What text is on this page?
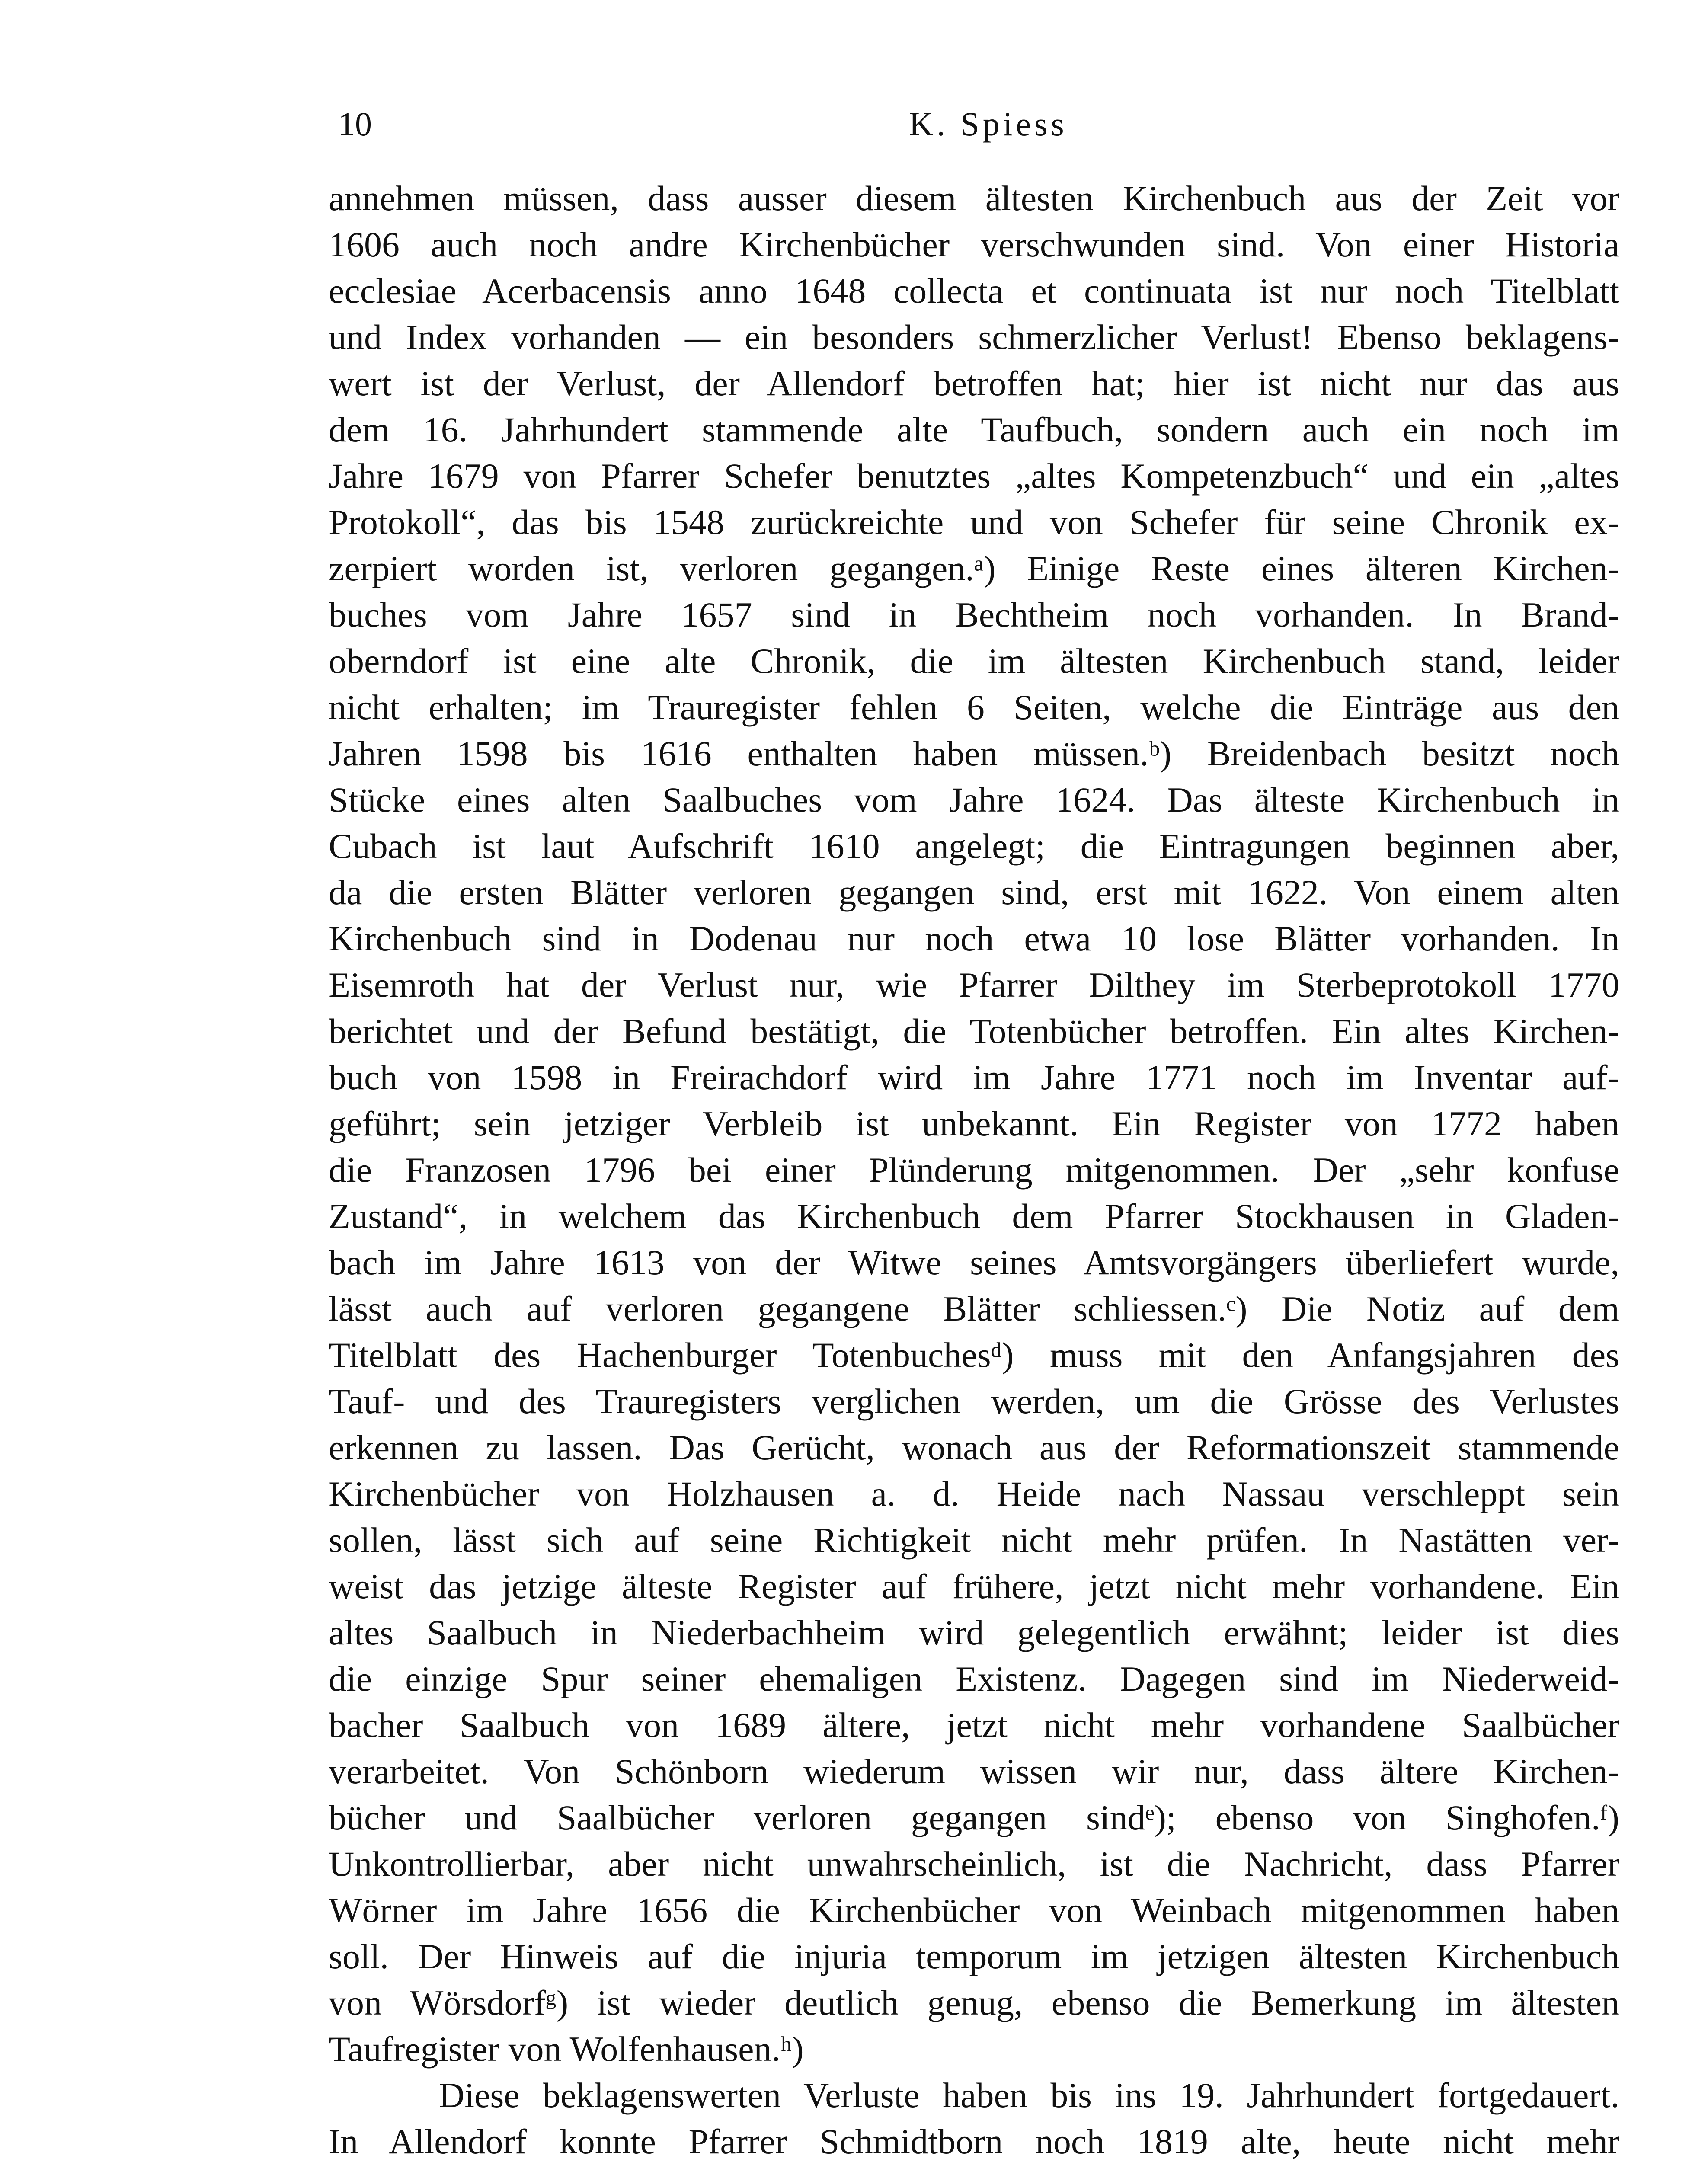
10	K. Spiess
annehmen müssen, dass ausser diesem ältesten Kirchenbuch aus der Zeit vor
1606 auch noch andre Kirchenbücher verschwunden sind. Von einer Historia
ecclesiae Acerbacensis anno 1648 collecta et continuata ist nur noch Titelblatt
und Index vorhanden — ein besonders schmerzlicher Verlust! Ebenso beklagens-
wert ist der Verlust, der Allendorf betroffen hat; hier ist nicht nur das aus
dem 16. Jahrhundert stammende alte Taufbuch, sondern auch ein noch im
Jahre 1679 von Pfarrer Schefer benutztes „altes Kompetenzbuch“ und ein „altes
Protokoll“, das bis 1548 zurückreichte und von Schefer für seine Chronik ex-
zerpiert worden ist, verloren gegangen.ᵃ) Einige Reste eines älteren Kirchen-
buches vom Jahre 1657 sind in Bechtheim noch vorhanden. In Brand-
oberndorf ist eine alte Chronik, die im ältesten Kirchenbuch stand, leider
nicht erhalten; im Trauregister fehlen 6 Seiten, welche die Einträge aus den
Jahren 1598 bis 1616 enthalten haben müssen.ᵇ) Breidenbach besitzt noch
Stücke eines alten Saalbuches vom Jahre 1624. Das älteste Kirchenbuch in
Cubach ist laut Aufschrift 1610 angelegt; die Eintragungen beginnen aber,
da die ersten Blätter verloren gegangen sind, erst mit 1622. Von einem alten
Kirchenbuch sind in Dodenau nur noch etwa 10 lose Blätter vorhanden. In
Eisemroth hat der Verlust nur, wie Pfarrer Dilthey im Sterbeprotokoll 1770
berichtet und der Befund bestätigt, die Totenbücher betroffen. Ein altes Kirchen-
buch von 1598 in Freirachdorf wird im Jahre 1771 noch im Inventar auf-
geführt; sein jetziger Verbleib ist unbekannt. Ein Register von 1772 haben
die Franzosen 1796 bei einer Plünderung mitgenommen. Der „sehr konfuse
Zustand“, in welchem das Kirchenbuch dem Pfarrer Stockhausen in Gladen-
bach im Jahre 1613 von der Witwe seines Amtsvorgängers überliefert wurde,
lässt auch auf verloren gegangene Blätter schliessen.ᶜ) Die Notiz auf dem
Titelblatt des Hachenburger Totenbuchesᵈ) muss mit den Anfangsjahren des
Tauf- und des Trauregisters verglichen werden, um die Grösse des Verlustes
erkennen zu lassen. Das Gerücht, wonach aus der Reformationszeit stammende
Kirchenbücher von Holzhausen a. d. Heide nach Nassau verschleppt sein
sollen, lässt sich auf seine Richtigkeit nicht mehr prüfen. In Nastätten ver-
weist das jetzige älteste Register auf frühere, jetzt nicht mehr vorhandene. Ein
altes Saalbuch in Niederbachheim wird gelegentlich erwähnt; leider ist dies
die einzige Spur seiner ehemaligen Existenz. Dagegen sind im Niederweid-
bacher Saalbuch von 1689 ältere, jetzt nicht mehr vorhandene Saalbücher
verarbeitet. Von Schönborn wiederum wissen wir nur, dass ältere Kirchen-
bücher und Saalbücher verloren gegangen sindᵉ); ebenso von Singhofen.ᶠ)
Unkontrollierbar, aber nicht unwahrscheinlich, ist die Nachricht, dass Pfarrer
Wörner im Jahre 1656 die Kirchenbücher von Weinbach mitgenommen haben
soll. Der Hinweis auf die injuria temporum im jetzigen ältesten Kirchenbuch
von Wörsdorfᵍ) ist wieder deutlich genug, ebenso die Bemerkung im ältesten
Taufregister von Wolfenhausen.ʰ)
Diese beklagenswerten Verluste haben bis ins 19. Jahrhundert fortgedauert.
In Allendorf konnte Pfarrer Schmidtborn noch 1819 alte, heute nicht mehr
